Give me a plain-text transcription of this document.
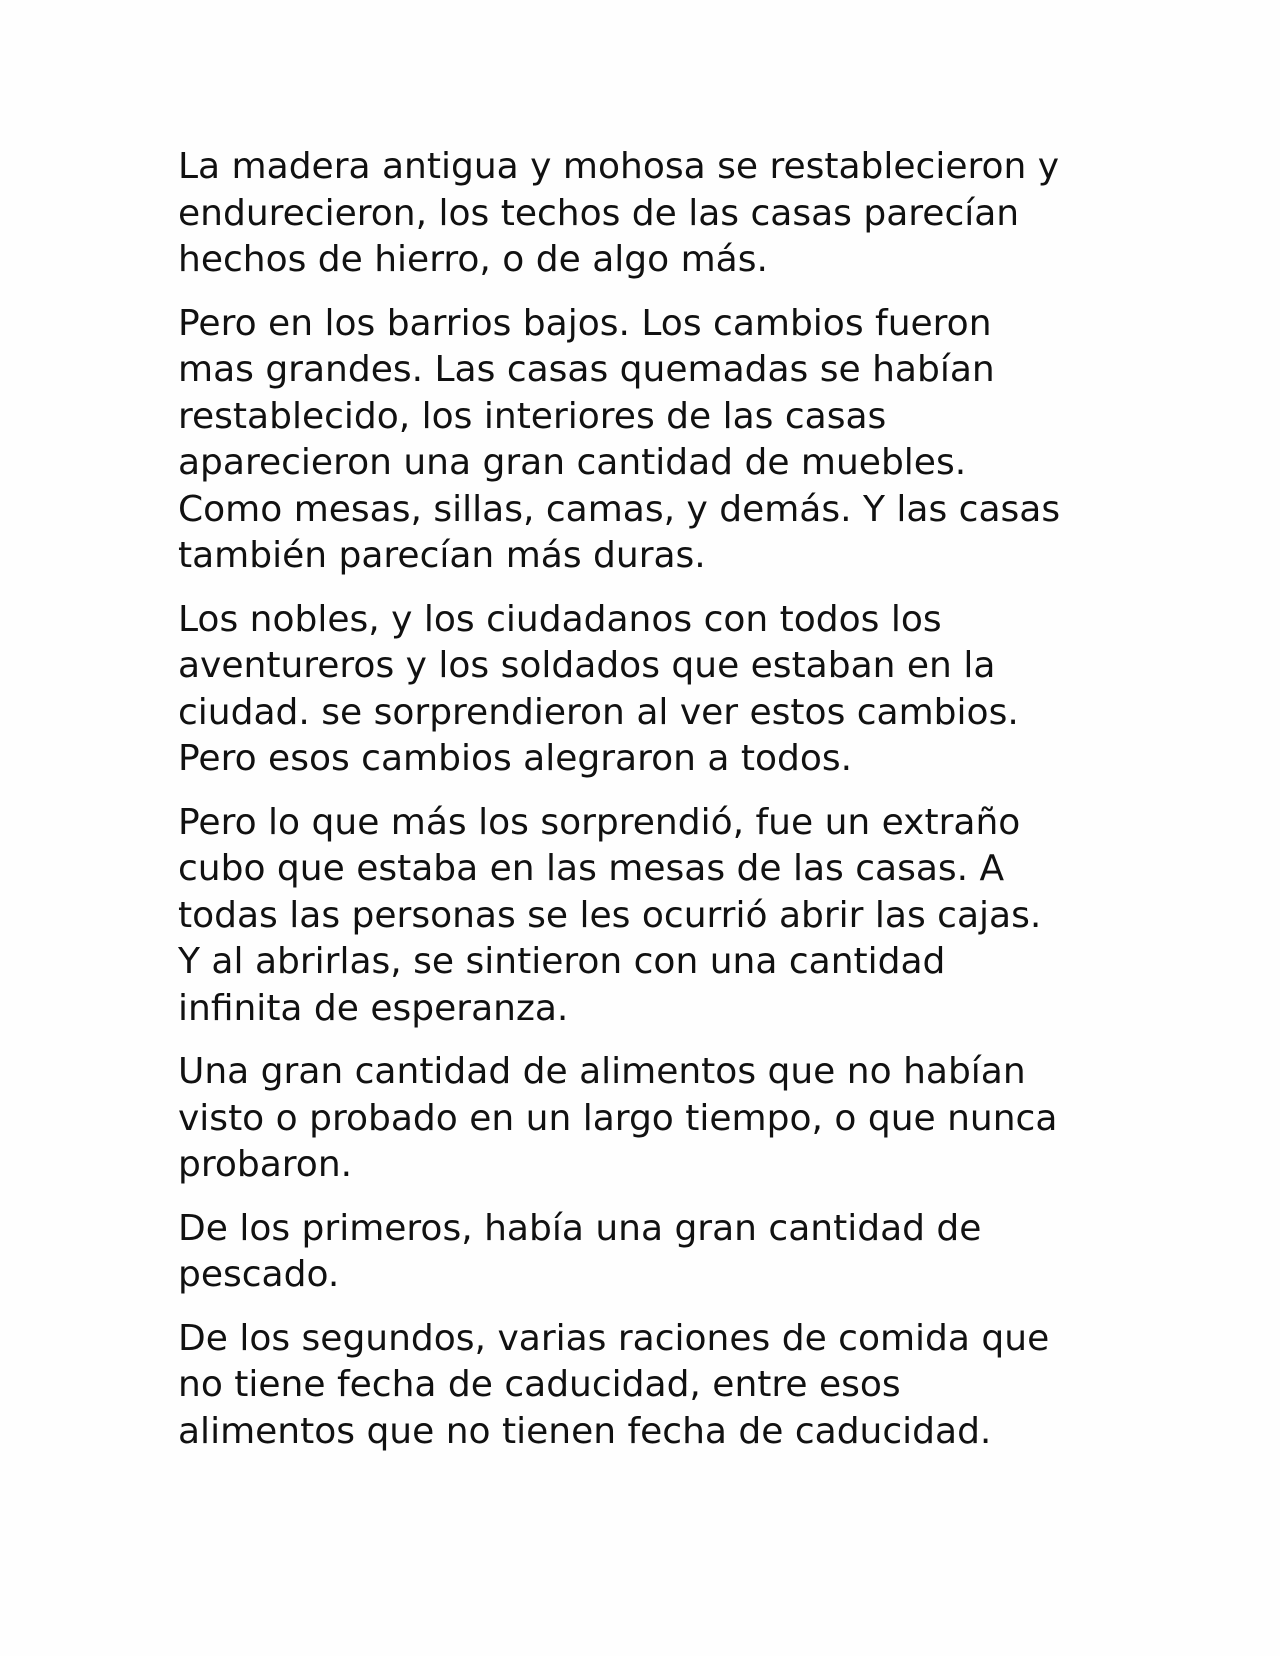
La madera antigua y mohosa se restablecieron y
endurecieron, los techos de las casas parecían
hechos de hierro, o de algo más.

Pero en los barrios bajos. Los cambios fueron
mas grandes. Las casas quemadas se habían
restablecido, los interiores de las casas
aparecieron una gran cantidad de muebles.
Como mesas, sillas, camas, y demás. Y las casas
también parecían más duras.

Los nobles, y los ciudadanos con todos los
aventureros y los soldados que estaban en la
ciudad. se sorprendieron al ver estos cambios.
Pero esos cambios alegraron a todos.

Pero lo que más los sorprendió, fue un extraño
cubo que estaba en las mesas de las casas. A
todas las personas se les ocurrió abrir las cajas.
Y al abrirlas, se sintieron con una cantidad
infinita de esperanza.

Una gran cantidad de alimentos que no habían
visto o probado en un largo tiempo, o que nunca
probaron.

De los primeros, había una gran cantidad de
pescado.

De los segundos, varias raciones de comida que
no tiene fecha de caducidad, entre esos
alimentos que no tienen fecha de caducidad.
